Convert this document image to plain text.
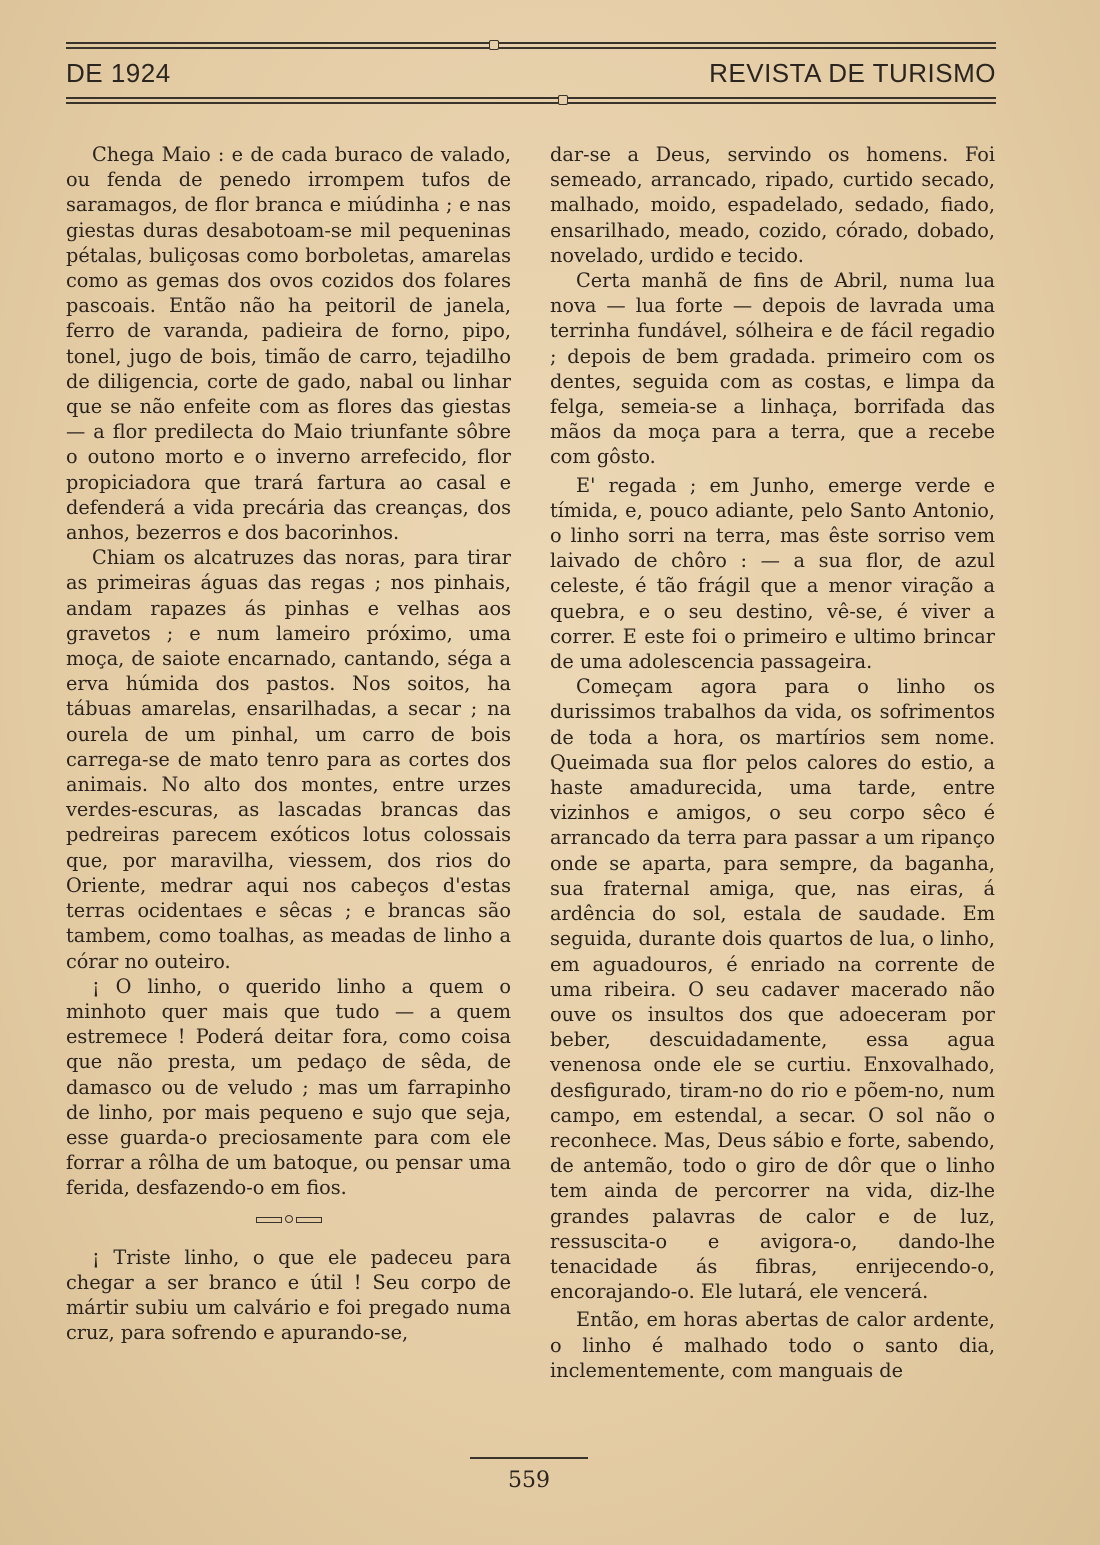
DE 1924	REVISTA DE TURISMO

Chega Maio : e de cada buraco de valado, ou fenda de penedo irrompem tufos de saramagos, de flor branca e miúdinha ; e nas giestas duras desabotoam-se mil pequeninas pétalas, buliçosas como borboletas, amarelas como as gemas dos ovos cozidos dos folares pascoais. Então não ha peitoril de janela, ferro de varanda, padieira de forno, pipo, tonel, jugo de bois, timão de carro, tejadilho de diligencia, corte de gado, nabal ou linhar que se não enfeite com as flores das giestas — a flor predilecta do Maio triunfante sôbre o outono morto e o inverno arrefecido, flor propiciadora que trará fartura ao casal e defenderá a vida precária das creanças, dos anhos, bezerros e dos bacorinhos.

Chiam os alcatruzes das noras, para tirar as primeiras águas das regas ; nos pinhais, andam rapazes ás pinhas e velhas aos gravetos ; e num lameiro próximo, uma moça, de saiote encarnado, cantando, séga a erva húmida dos pastos. Nos soitos, ha tábuas amarelas, ensarilhadas, a secar ; na ourela de um pinhal, um carro de bois carrega-se de mato tenro para as cortes dos animais. No alto dos montes, entre urzes verdes-escuras, as lascadas brancas das pedreiras parecem exóticos lotus colossais que, por maravilha, viessem, dos rios do Oriente, medrar aqui nos cabeços d'estas terras ocidentaes e sêcas ; e brancas são tambem, como toalhas, as meadas de linho a córar no outeiro.

¡ O linho, o querido linho a quem o minhoto quer mais que tudo — a quem estremece ! Poderá deitar fora, como coisa que não presta, um pedaço de sêda, de damasco ou de veludo ; mas um farrapinho de linho, por mais pequeno e sujo que seja, esse guarda-o preciosamente para com ele forrar a rôlha de um batoque, ou pensar uma ferida, desfazendo-o em fios.

¡ Triste linho, o que ele padeceu para chegar a ser branco e útil ! Seu corpo de mártir subiu um calvário e foi pregado numa cruz, para sofrendo e apurando-se,

dar-se a Deus, servindo os homens. Foi semeado, arrancado, ripado, curtido secado, malhado, moido, espadelado, sedado, fiado, ensarilhado, meado, cozido, córado, dobado, novelado, urdido e tecido.

Certa manhã de fins de Abril, numa lua nova — lua forte — depois de lavrada uma terrinha fundável, sólheira e de fácil regadio ; depois de bem gradada. primeiro com os dentes, seguida com as costas, e limpa da felga, semeia-se a linhaça, borrifada das mãos da moça para a terra, que a recebe com gôsto.

E' regada ; em Junho, emerge verde e tímida, e, pouco adiante, pelo Santo Antonio, o linho sorri na terra, mas êste sorriso vem laivado de chôro : — a sua flor, de azul celeste, é tão frágil que a menor viração a quebra, e o seu destino, vê-se, é viver a correr. E este foi o primeiro e ultimo brincar de uma adolescencia passageira.

Começam agora para o linho os durissimos trabalhos da vida, os sofrimentos de toda a hora, os martírios sem nome. Queimada sua flor pelos calores do estio, a haste amadurecida, uma tarde, entre vizinhos e amigos, o seu corpo sêco é arrancado da terra para passar a um ripanço onde se aparta, para sempre, da baganha, sua fraternal amiga, que, nas eiras, á ardência do sol, estala de saudade. Em seguida, durante dois quartos de lua, o linho, em aguadouros, é enriado na corrente de uma ribeira. O seu cadaver macerado não ouve os insultos dos que adoeceram por beber, descuidadamente, essa agua venenosa onde ele se curtiu. Enxovalhado, desfigurado, tiram-no do rio e põem-no, num campo, em estendal, a secar. O sol não o reconhece. Mas, Deus sábio e forte, sabendo, de antemão, todo o giro de dôr que o linho tem ainda de percorrer na vida, diz-lhe grandes palavras de calor e de luz, ressuscita-o e avigora-o, dando-lhe tenacidade ás fibras, enrijecendo-o, encorajando-o. Ele lutará, ele vencerá.

Então, em horas abertas de calor ardente, o linho é malhado todo o santo dia, inclementemente, com manguais de

559
